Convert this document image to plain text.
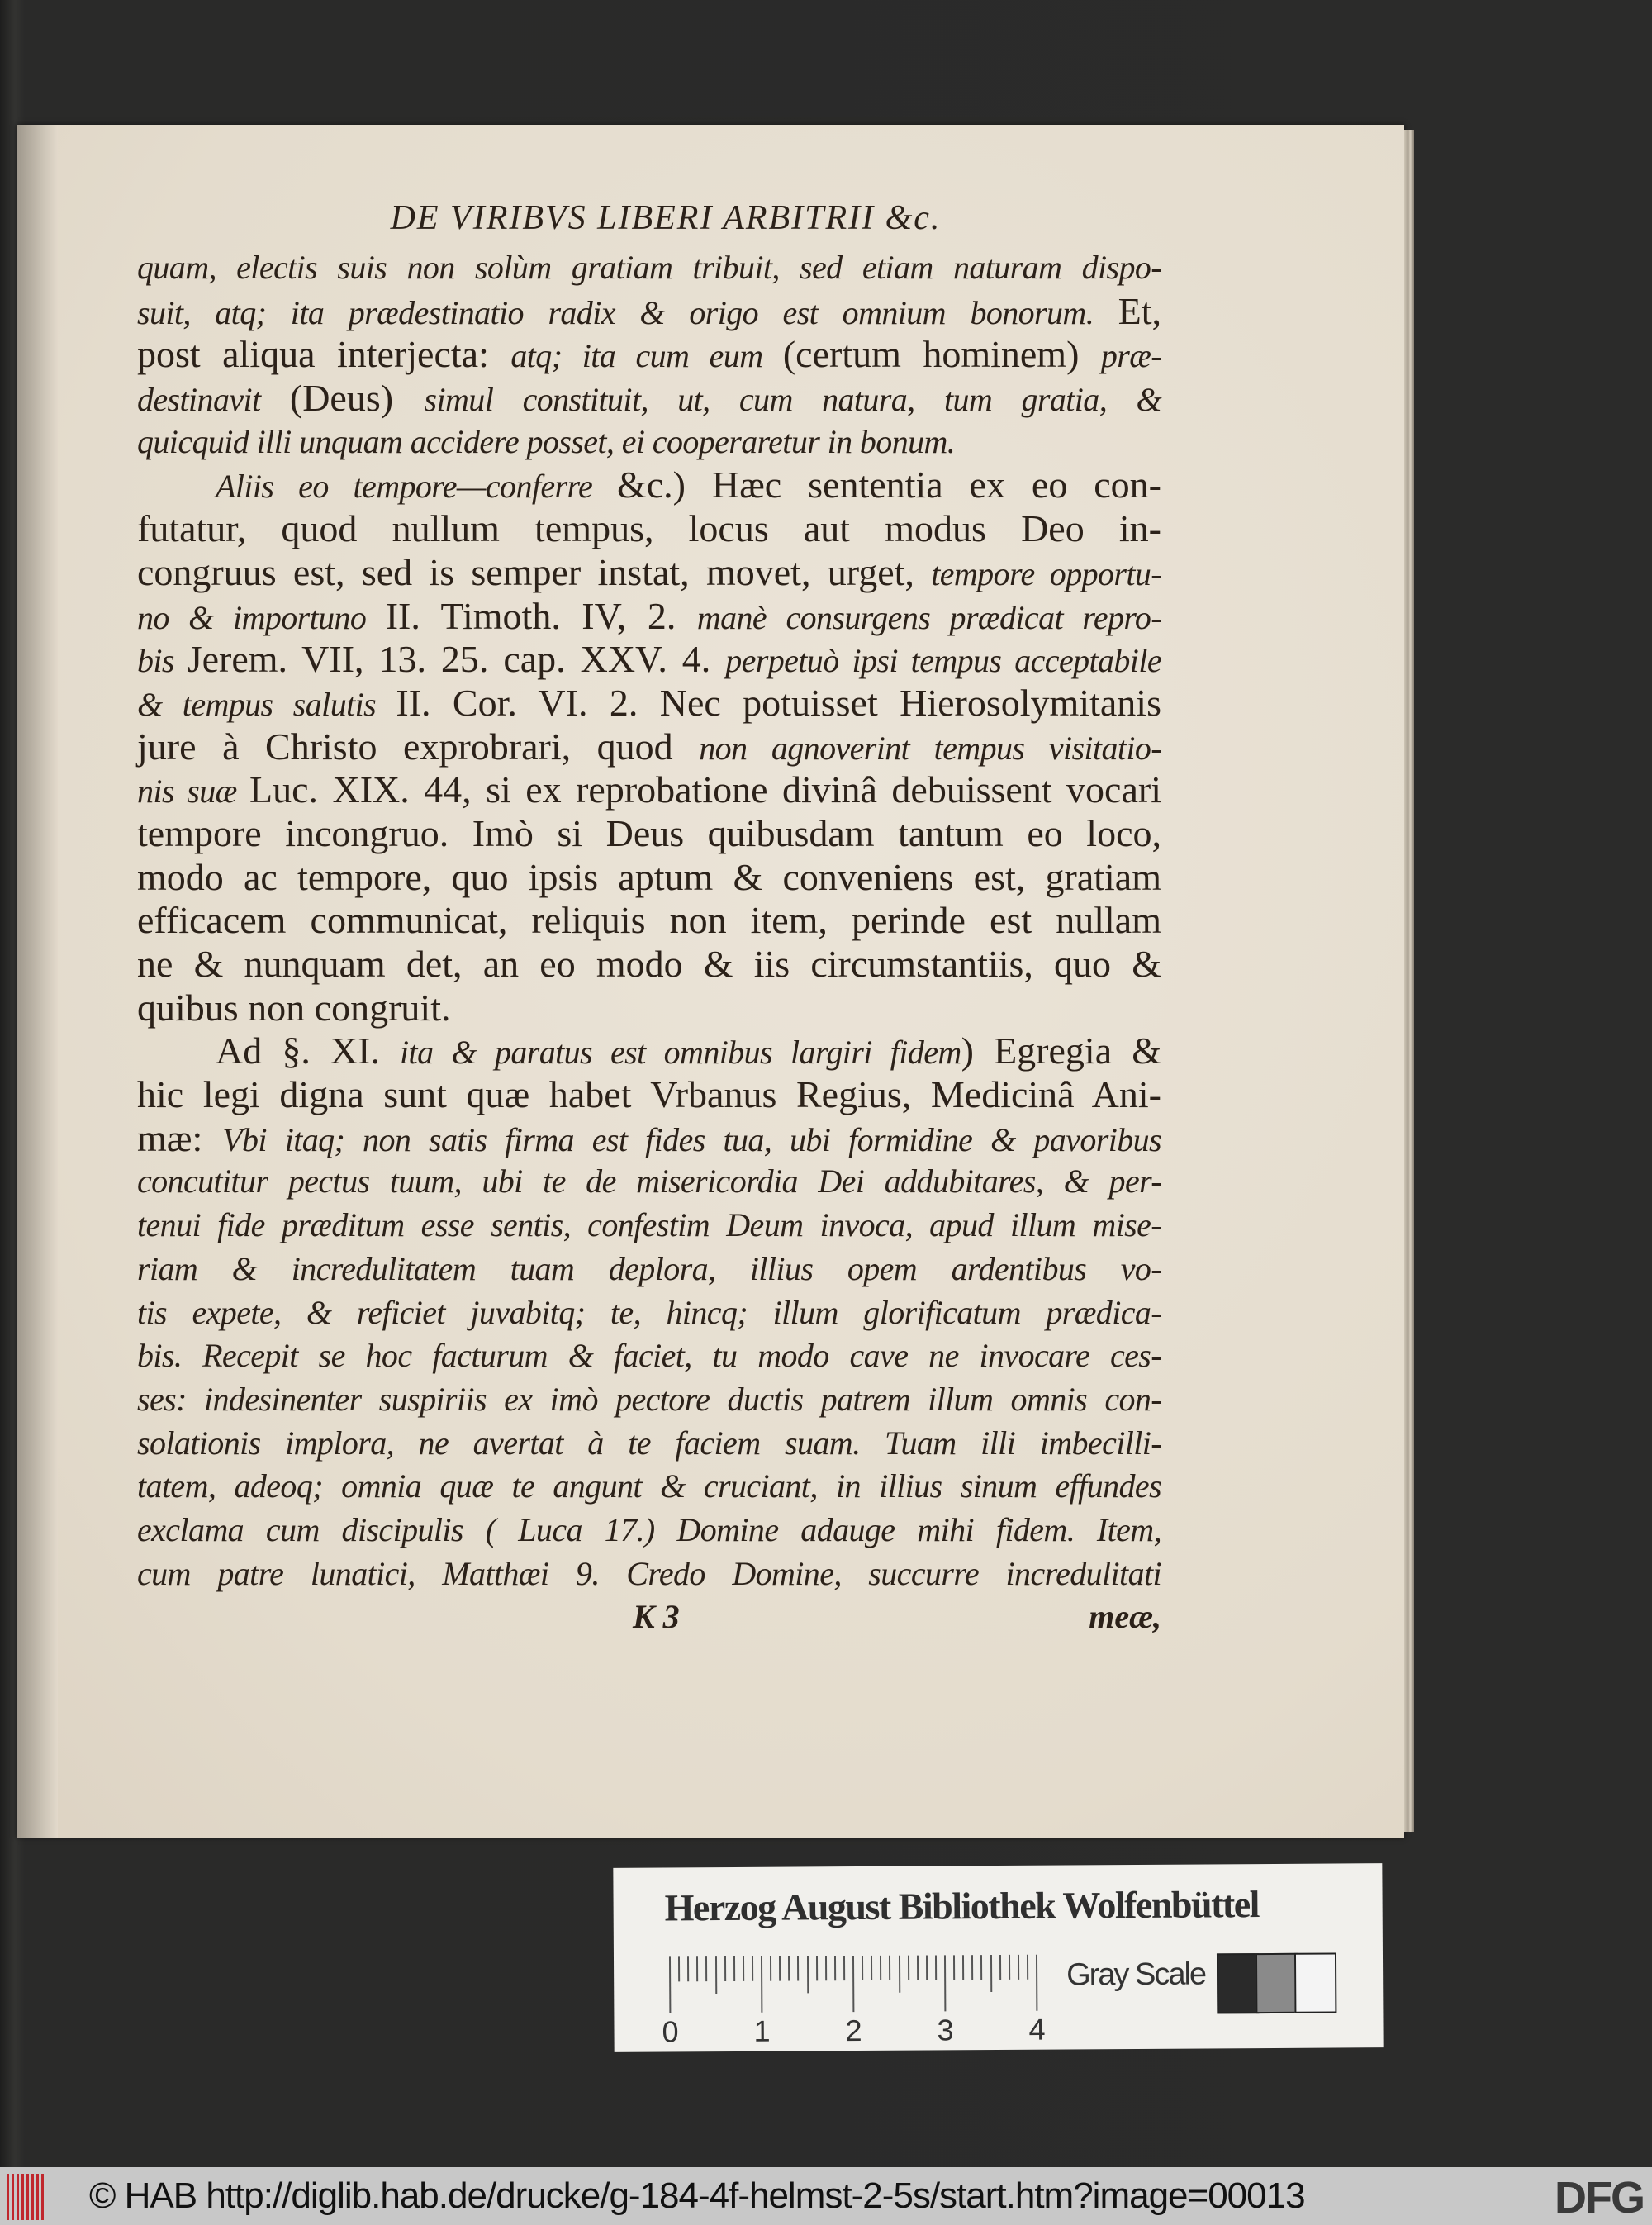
DE VIRIBVS LIBERI ARBITRII &c.
quam, electis suis non solùm gratiam tribuit, sed etiam naturam dispo-
suit, atq; ita prædestinatio radix & origo est omnium bonorum. Et,
post aliqua interjecta: atq; ita cum eum (certum hominem) præ-
destinavit (Deus) simul constituit, ut, cum natura, tum gratia, &
quicquid illi unquam accidere posset, ei cooperaretur in bonum.
Aliis eo tempore—conferre &c.) Hæc sententia ex eo con-
futatur, quod nullum tempus, locus aut modus Deo in-
congruus est, sed is semper instat, movet, urget, tempore opportu-
no & importuno II. Timoth. IV, 2. manè consurgens prædicat repro-
bis Jerem. VII, 13. 25. cap. XXV. 4. perpetuò ipsi tempus acceptabile
& tempus salutis II. Cor. VI. 2. Nec potuisset Hierosolymitanis
jure à Christo exprobrari, quod non agnoverint tempus visitatio-
nis suæ Luc. XIX. 44, si ex reprobatione divinâ debuissent vocari
tempore incongruo. Imò si Deus quibusdam tantum eo loco,
modo ac tempore, quo ipsis aptum & conveniens est, gratiam
efficacem communicat, reliquis non item, perinde est nullam
ne & nunquam det, an eo modo & iis circumstantiis, quo &
quibus non congruit.
Ad §. XI. ita & paratus est omnibus largiri fidem) Egregia &
hic legi digna sunt quæ habet Vrbanus Regius, Medicinâ Ani-
mæ: Vbi itaq; non satis firma est fides tua, ubi formidine & pavoribus
concutitur pectus tuum, ubi te de misericordia Dei addubitares, & per-
tenui fide præditum esse sentis, confestim Deum invoca, apud illum mise-
riam & incredulitatem tuam deplora, illius opem ardentibus vo-
tis expete, & reficiet juvabitq; te, hincq; illum glorificatum prædica-
bis. Recepit se hoc facturum & faciet, tu modo cave ne invocare ces-
ses: indesinenter suspiriis ex imò pectore ductis patrem illum omnis con-
solationis implora, ne avertat à te faciem suam. Tuam illi imbecilli-
tatem, adeoq; omnia quæ te angunt & cruciant, in illius sinum effundes
exclama cum discipulis ( Luca 17.) Domine adauge mihi fidem. Item,
cum patre lunatici, Matthæi 9. Credo Domine, succurre incredulitati
K 3	meæ,
Herzog August Bibliothek Wolfenbüttel
0	1	2	3	4
Gray Scale
© HAB http://diglib.hab.de/drucke/g-184-4f-helmst-2-5s/start.htm?image=00013	DFG
